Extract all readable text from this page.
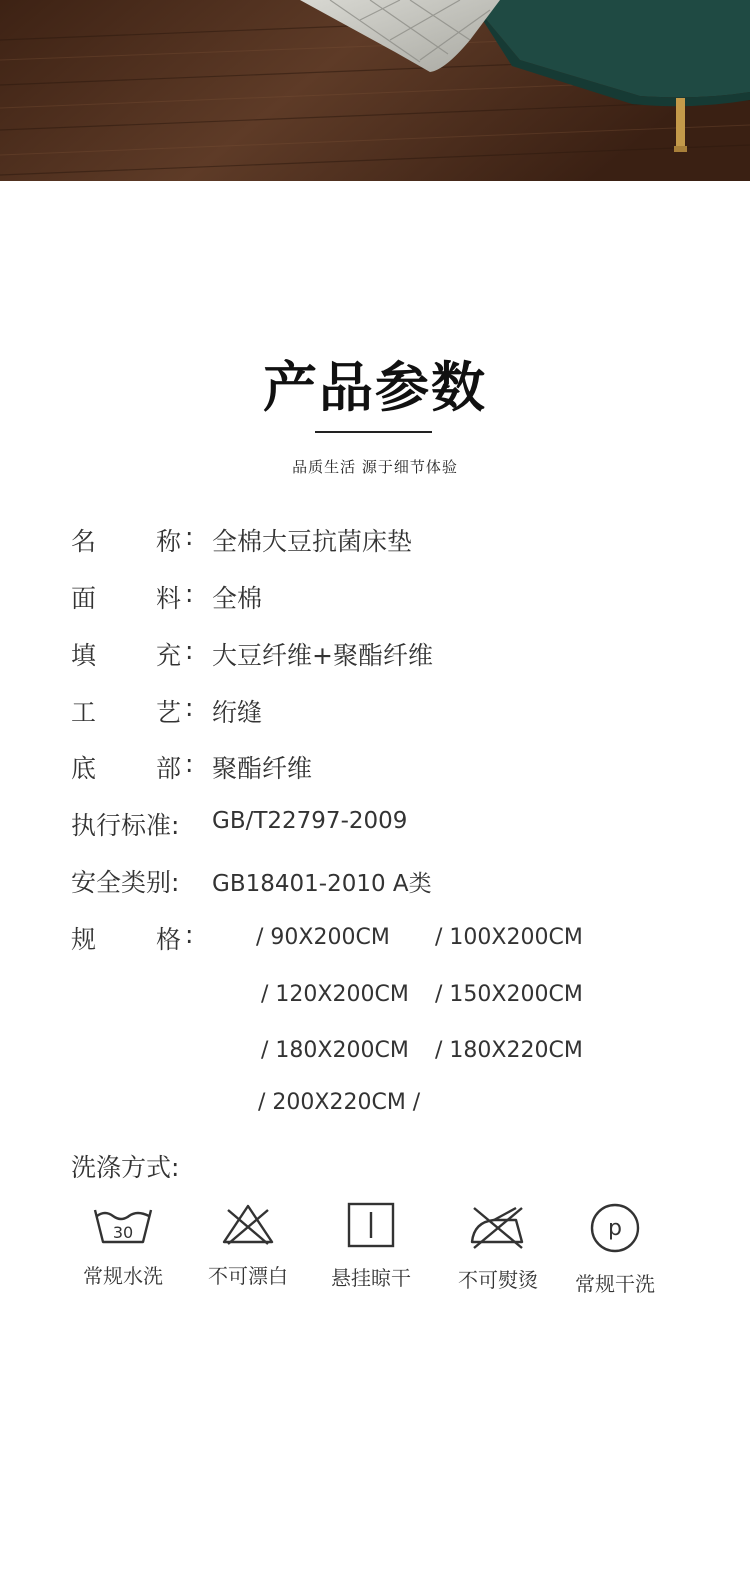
产品参数
品质生活 源于细节体验
名 称 : 全棉大豆抗菌床垫
面 料 : 全棉
填 充 : 大豆纤维+聚酯纤维
工 艺 : 绗缝
底 部 : 聚酯纤维
执行标准: GB/T22797-2009
安全类别: GB18401-2010 A类
规 格 :	/ 90X200CM / 100X200CM
/ 120X200CM / 150X200CM
/ 180X200CM / 180X220CM
/ 200X220CM /
洗涤方式:
30
常规水洗	不可漂白	悬挂晾干	不可熨烫
p
常规干洗
